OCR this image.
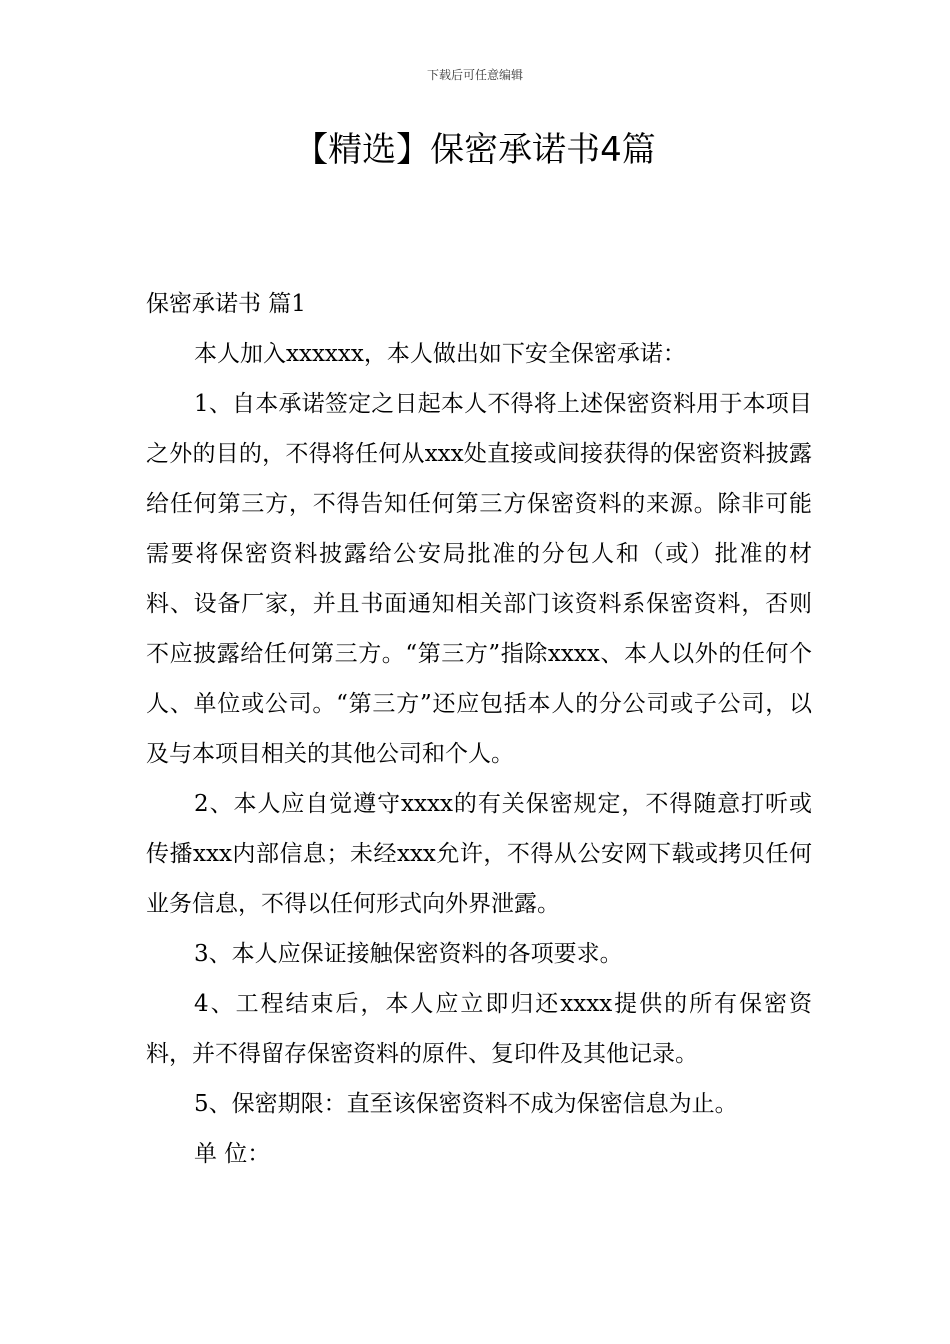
下载后可任意编辑
【精选】保密承诺书4篇

保密承诺书 篇1

本人加入xxxxxx，本人做出如下安全保密承诺：

1、自本承诺签定之日起本人不得将上述保密资料用于本项目之外的目的，不得将任何从xxx处直接或间接获得的保密资料披露给任何第三方，不得告知任何第三方保密资料的来源。除非可能需要将保密资料披露给公安局批准的分包人和（或）批准的材料、设备厂家，并且书面通知相关部门该资料系保密资料，否则不应披露给任何第三方。“第三方”指除xxxx、本人以外的任何个人、单位或公司。“第三方”还应包括本人的分公司或子公司，以及与本项目相关的其他公司和个人。

2、本人应自觉遵守xxxx的有关保密规定，不得随意打听或传播xxx内部信息；未经xxx允许，不得从公安网下载或拷贝任何业务信息，不得以任何形式向外界泄露。

3、本人应保证接触保密资料的各项要求。

4、工程结束后，本人应立即归还xxxx提供的所有保密资料，并不得留存保密资料的原件、复印件及其他记录。

5、保密期限：直至该保密资料不成为保密信息为止。

单 位：
